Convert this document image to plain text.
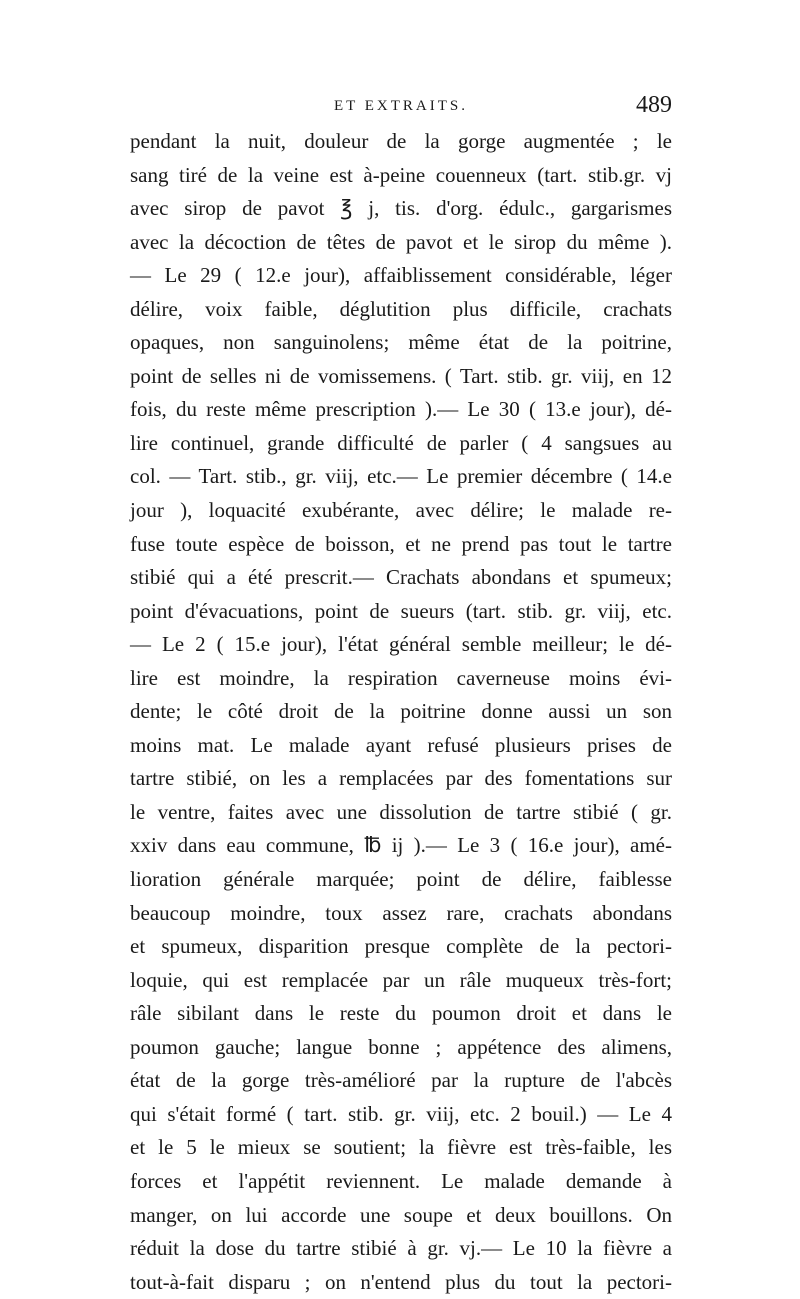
ET EXTRAITS.	489
pendant la nuit, douleur de la gorge augmentée ; le
sang tiré de la veine est à-peine couenneux (tart. stib.gr. vj
avec sirop de pavot ℥ j, tis. d'org. édulc., gargarismes
avec la décoction de têtes de pavot et le sirop du même ).
— Le 29 ( 12.e jour), affaiblissement considérable, léger
délire, voix faible, déglutition plus difficile, crachats
opaques, non sanguinolens; même état de la poitrine,
point de selles ni de vomissemens. ( Tart. stib. gr. viij, en 12
fois, du reste même prescription ).— Le 30 ( 13.e jour), dé-
lire continuel, grande difficulté de parler ( 4 sangsues au
col. — Tart. stib., gr. viij, etc.— Le premier décembre ( 14.e
jour ), loquacité exubérante, avec délire; le malade re-
fuse toute espèce de boisson, et ne prend pas tout le tartre
stibié qui a été prescrit.— Crachats abondans et spumeux;
point d'évacuations, point de sueurs (tart. stib. gr. viij, etc.
— Le 2 ( 15.e jour), l'état général semble meilleur; le dé-
lire est moindre, la respiration caverneuse moins évi-
dente; le côté droit de la poitrine donne aussi un son
moins mat. Le malade ayant refusé plusieurs prises de
tartre stibié, on les a remplacées par des fomentations sur
le ventre, faites avec une dissolution de tartre stibié ( gr.
xxiv dans eau commune, ℔ ij ).— Le 3 ( 16.e jour), amé-
lioration générale marquée; point de délire, faiblesse
beaucoup moindre, toux assez rare, crachats abondans
et spumeux, disparition presque complète de la pectori-
loquie, qui est remplacée par un râle muqueux très-fort;
râle sibilant dans le reste du poumon droit et dans le
poumon gauche; langue bonne ; appétence des alimens,
état de la gorge très-amélioré par la rupture de l'abcès
qui s'était formé ( tart. stib. gr. viij, etc. 2 bouil.) — Le 4
et le 5 le mieux se soutient; la fièvre est très-faible, les
forces et l'appétit reviennent. Le malade demande à
manger, on lui accorde une soupe et deux bouillons. On
réduit la dose du tartre stibié à gr. vj.— Le 10 la fièvre a
tout-à-fait disparu ; on n'entend plus du tout la pectori-
